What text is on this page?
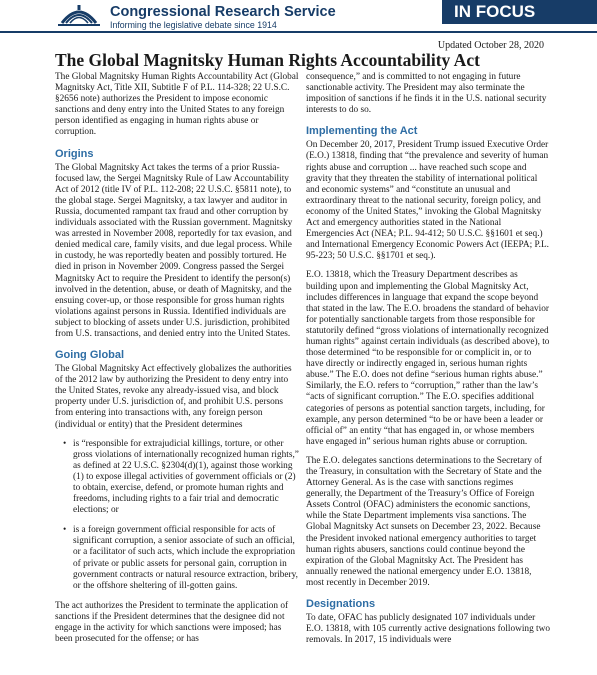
Congressional Research Service
Informing the legislative debate since 1914
IN FOCUS
Updated October 28, 2020
The Global Magnitsky Human Rights Accountability Act

The Global Magnitsky Human Rights Accountability Act (Global Magnitsky Act, Title XII, Subtitle F of P.L. 114-328; 22 U.S.C. §2656 note) authorizes the President to impose economic sanctions and deny entry into the United States to any foreign person identified as engaging in human rights abuse or corruption.

Origins

The Global Magnitsky Act takes the terms of a prior Russia-focused law, the Sergei Magnitsky Rule of Law Accountability Act of 2012 (title IV of P.L. 112-208; 22 U.S.C. §5811 note), to the global stage. Sergei Magnitsky, a tax lawyer and auditor in Russia, documented rampant tax fraud and other corruption by individuals associated with the Russian government. Magnitsky was arrested in November 2008, reportedly for tax evasion, and denied medical care, family visits, and due legal process. While in custody, he was reportedly beaten and possibly tortured. He died in prison in November 2009. Congress passed the Sergei Magnitsky Act to require the President to identify the person(s) involved in the detention, abuse, or death of Magnitsky, and the ensuing cover-up, or those responsible for gross human rights violations against persons in Russia. Identified individuals are subject to blocking of assets under U.S. jurisdiction, prohibited from U.S. transactions, and denied entry into the United States.

Going Global

The Global Magnitsky Act effectively globalizes the authorities of the 2012 law by authorizing the President to deny entry into the United States, revoke any already-issued visa, and block property under U.S. jurisdiction of, and prohibit U.S. persons from entering into transactions with, any foreign person (individual or entity) that the President determines

• is “responsible for extrajudicial killings, torture, or other gross violations of internationally recognized human rights,” as defined at 22 U.S.C. §2304(d)(1), against those working (1) to expose illegal activities of government officials or (2) to obtain, exercise, defend, or promote human rights and freedoms, including rights to a fair trial and democratic elections; or
• is a foreign government official responsible for acts of significant corruption, a senior associate of such an official, or a facilitator of such acts, which include the expropriation of private or public assets for personal gain, corruption in government contracts or natural resource extraction, bribery, or the offshore sheltering of ill-gotten gains.

The act authorizes the President to terminate the application of sanctions if the President determines that the designee did not engage in the activity for which sanctions were imposed; has been prosecuted for the offense; or has

consequence,” and is committed to not engaging in future sanctionable activity. The President may also terminate the imposition of sanctions if he finds it in the U.S. national security interests to do so.

Implementing the Act

On December 20, 2017, President Trump issued Executive Order (E.O.) 13818, finding that “the prevalence and severity of human rights abuse and corruption ... have reached such scope and gravity that they threaten the stability of international political and economic systems” and “constitute an unusual and extraordinary threat to the national security, foreign policy, and economy of the United States,” invoking the Global Magnitsky Act and emergency authorities stated in the National Emergencies Act (NEA; P.L. 94-412; 50 U.S.C. §§1601 et seq.) and International Emergency Economic Powers Act (IEEPA; P.L. 95-223; 50 U.S.C. §§1701 et seq.).

E.O. 13818, which the Treasury Department describes as building upon and implementing the Global Magnitsky Act, includes differences in language that expand the scope beyond that stated in the law. The E.O. broadens the standard of behavior for potentially sanctionable targets from those responsible for statutorily defined “gross violations of internationally recognized human rights” against certain individuals (as described above), to those determined “to be responsible for or complicit in, or to have directly or indirectly engaged in, serious human rights abuse.” The E.O. does not define “serious human rights abuse.” Similarly, the E.O. refers to “corruption,” rather than the law’s “acts of significant corruption.” The E.O. specifies additional categories of persons as potential sanction targets, including, for example, any person determined “to be or have been a leader or official of” an entity “that has engaged in, or whose members have engaged in” serious human rights abuse or corruption.

The E.O. delegates sanctions determinations to the Secretary of the Treasury, in consultation with the Secretary of State and the Attorney General. As is the case with sanctions regimes generally, the Department of the Treasury’s Office of Foreign Assets Control (OFAC) administers the economic sanctions, while the State Department implements visa sanctions. The Global Magnitsky Act sunsets on December 23, 2022. Because the President invoked national emergency authorities to target human rights abusers, sanctions could continue beyond the expiration of the Global Magnitsky Act. The President has annually renewed the national emergency under E.O. 13818, most recently in December 2019.

Designations

To date, OFAC has publicly designated 107 individuals under E.O. 13818, with 105 currently active designations following two removals. In 2017, 15 individuals were
